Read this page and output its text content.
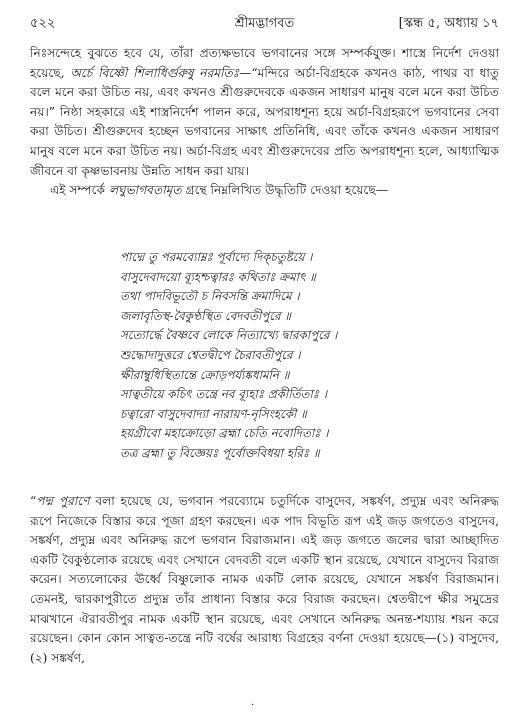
৫২২	শ্রীমদ্ভাগবত	[স্কন্ধ ৫, অধ্যায় ১৭

নিঃসন্দেহে বুঝতে হবে যে, তাঁরা প্রত্যক্ষভাবে ভগবানের সঙ্গে সম্পর্কযুক্ত। শাস্ত্রে নির্দেশ দেওয়া হয়েছে, অর্চে বিষ্ণৌ শিলাধির্গুরুষু নরমতিঃ—“মন্দিরে অর্চা-বিগ্রহকে কখনও কাঠ, পাথর বা ধাতু বলে মনে করা উচিত নয়, এবং কখনও শ্রীগুরুদেবকে একজন সাধারণ মানুষ বলে মনে করা উচিত নয়।” নিষ্ঠা সহকারে এই শাস্ত্রনির্দেশ পালন করে, অপরাধশূন্য হয়ে অর্চা-বিগ্রহরূপে ভগবানের সেবা করা উচিত। শ্রীগুরুদেব হচ্ছেন ভগবানের সাক্ষাৎ প্রতিনিধি, এবং তাঁকে কখনও একজন সাধারণ মানুষ বলে মনে করা উচিত নয়। অর্চা-বিগ্রহ এবং শ্রীগুরুদেবের প্রতি অপরাধশূন্য হলে, আধ্যাত্মিক জীবনে বা কৃষ্ণভাবনায় উন্নতি সাধন করা যায়।

এই সম্পর্কে লঘুভাগবতামৃত গ্রন্থে নিম্নলিখিত উদ্ধৃতিটি দেওয়া হয়েছে—

পাদ্মে তু পরমব্যোম্নঃ পূর্বাদ্যে দিক্‌চতুষ্টয়ে ।
বাসুদেবাদয়ো ব্যূহশ্চত্বারঃ কথিতাঃ ক্রমাৎ ॥
তথা পাদবিভূতৌ চ নিবসন্তি ক্রমাদিমে ।
জলাবৃতিস্থ-বৈকুণ্ঠস্থিত বেদবতীপুরে ॥
সত্যোর্দ্ধে বৈষ্ণবে লোকে নিত্যাখ্যে দ্বারকাপুরে ।
শুদ্ধোদাদুত্তরে শ্বেতদ্বীপে চৈরাবতীপুরে ।
ক্ষীরাম্বুধিস্থিতান্তে ক্রোড়পর্য্যঙ্কধামনি ॥
সাত্বতীয়ে কচিৎ তন্ত্রে নব ব্যূহাঃ প্রকীর্তিতাঃ ।
চত্বারো বাসুদেবাদ্যা নারায়ণ-নৃসিংহকৌ ॥
হয়গ্রীবো মহাক্রোড়ো ব্রহ্মা চেতি নবোদিতাঃ ।
তত্র ব্রহ্মা তু বিজ্ঞেয়ঃ পূর্বোক্তবিধয়া হরিঃ ॥

“পদ্ম পুরাণে বলা হয়েছে যে, ভগবান পরব্যোমে চতুর্দিকে বাসুদেব, সঙ্কর্ষণ, প্রদ্যুম্ন এবং অনিরুদ্ধ রূপে নিজেকে বিস্তার করে পূজা গ্রহণ করছেন। এক পাদ বিভূতি রূপ এই জড় জগতেও বাসুদেব, সঙ্কর্ষণ, প্রদ্যুম্ন এবং অনিরুদ্ধ রূপে ভগবান বিরাজমান। এই জড় জগতে জলের দ্বারা আচ্ছাদিত একটি বৈকুণ্ঠলোক রয়েছে এবং সেখানে বেদবতী বলে একটি স্থান রয়েছে, যেখানে বাসুদেব বিরাজ করেন। সত্যলোকের ঊর্ধ্বে বিষ্ণুলোক নামক একটি লোক রয়েছে, যেখানে সঙ্কর্ষণ বিরাজমান। তেমনই, দ্বারকাপুরীতে প্রদ্যুম্ন তাঁর প্রাধান্য বিস্তার করে বিরাজ করছেন। শ্বেতদ্বীপে ক্ষীর সমুদ্রের মাঝখানে ঐরাবতীপুর নামক একটি স্থান রয়েছে, এবং সেখানে অনিরুদ্ধ অনন্ত-শয্যায় শয়ন করে রয়েছেন। কোন কোন সাত্বত-তন্ত্রে নটি বর্ষের আরাধ্য বিগ্রহের বর্ণনা দেওয়া হয়েছে—(১) বাসুদেব, (২) সঙ্কর্ষণ,

·
